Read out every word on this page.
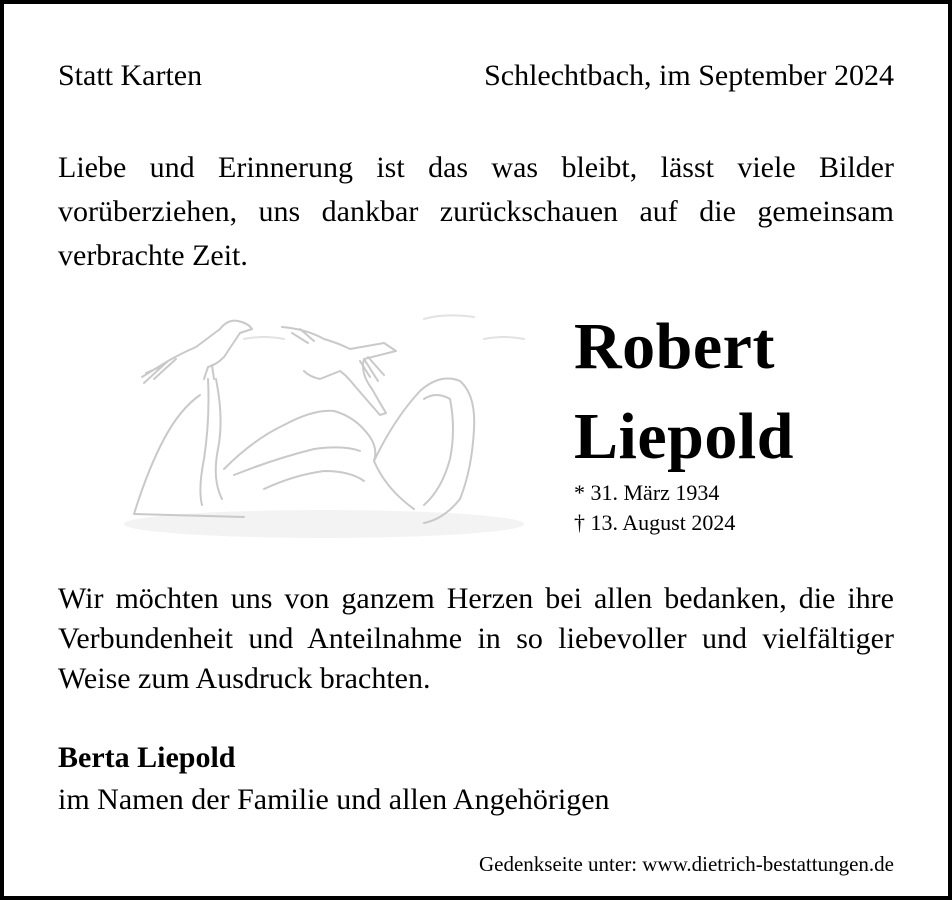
Statt Karten	Schlechtbach, im September 2024
Liebe und Erinnerung ist das was bleibt, lässt viele Bilder vorüberziehen, uns dankbar zurückschauen auf die gemeinsam verbrachte Zeit.
Robert
Liepold
* 31. März 1934
† 13. August 2024
Wir möchten uns von ganzem Herzen bei allen bedanken, die ihre Verbundenheit und Anteilnahme in so liebevoller und vielfältiger Weise zum Ausdruck brachten.
Berta Liepold
im Namen der Familie und allen Angehörigen
Gedenkseite unter: www.dietrich-bestattungen.de
